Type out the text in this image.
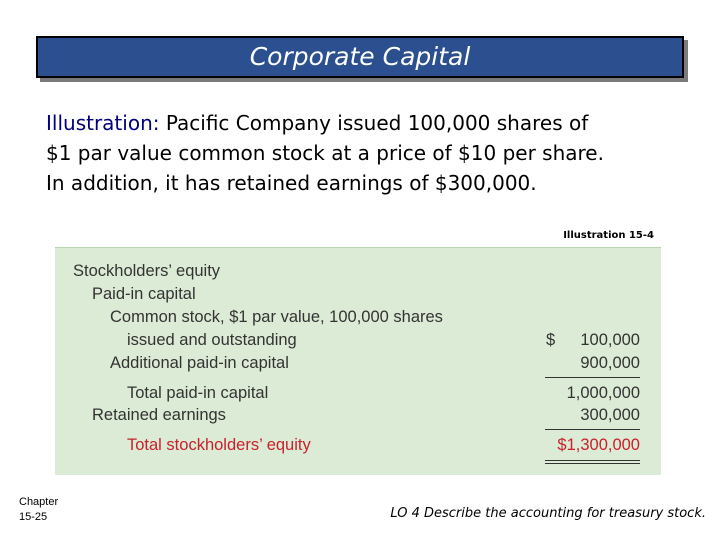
Corporate Capital
Illustration: Pacific Company issued 100,000 shares of
$1 par value common stock at a price of $10 per share.
In addition, it has retained earnings of $300,000.
Illustration 15-4
Stockholders’ equity
Paid-in capital
Common stock, $1 par value, 100,000 shares
issued and outstanding	$ 100,000
Additional paid-in capital	900,000
Total paid-in capital	1,000,000
Retained earnings	300,000
Total stockholders’ equity	$1,300,000
Chapter
15-25	LO 4 Describe the accounting for treasury stock.
